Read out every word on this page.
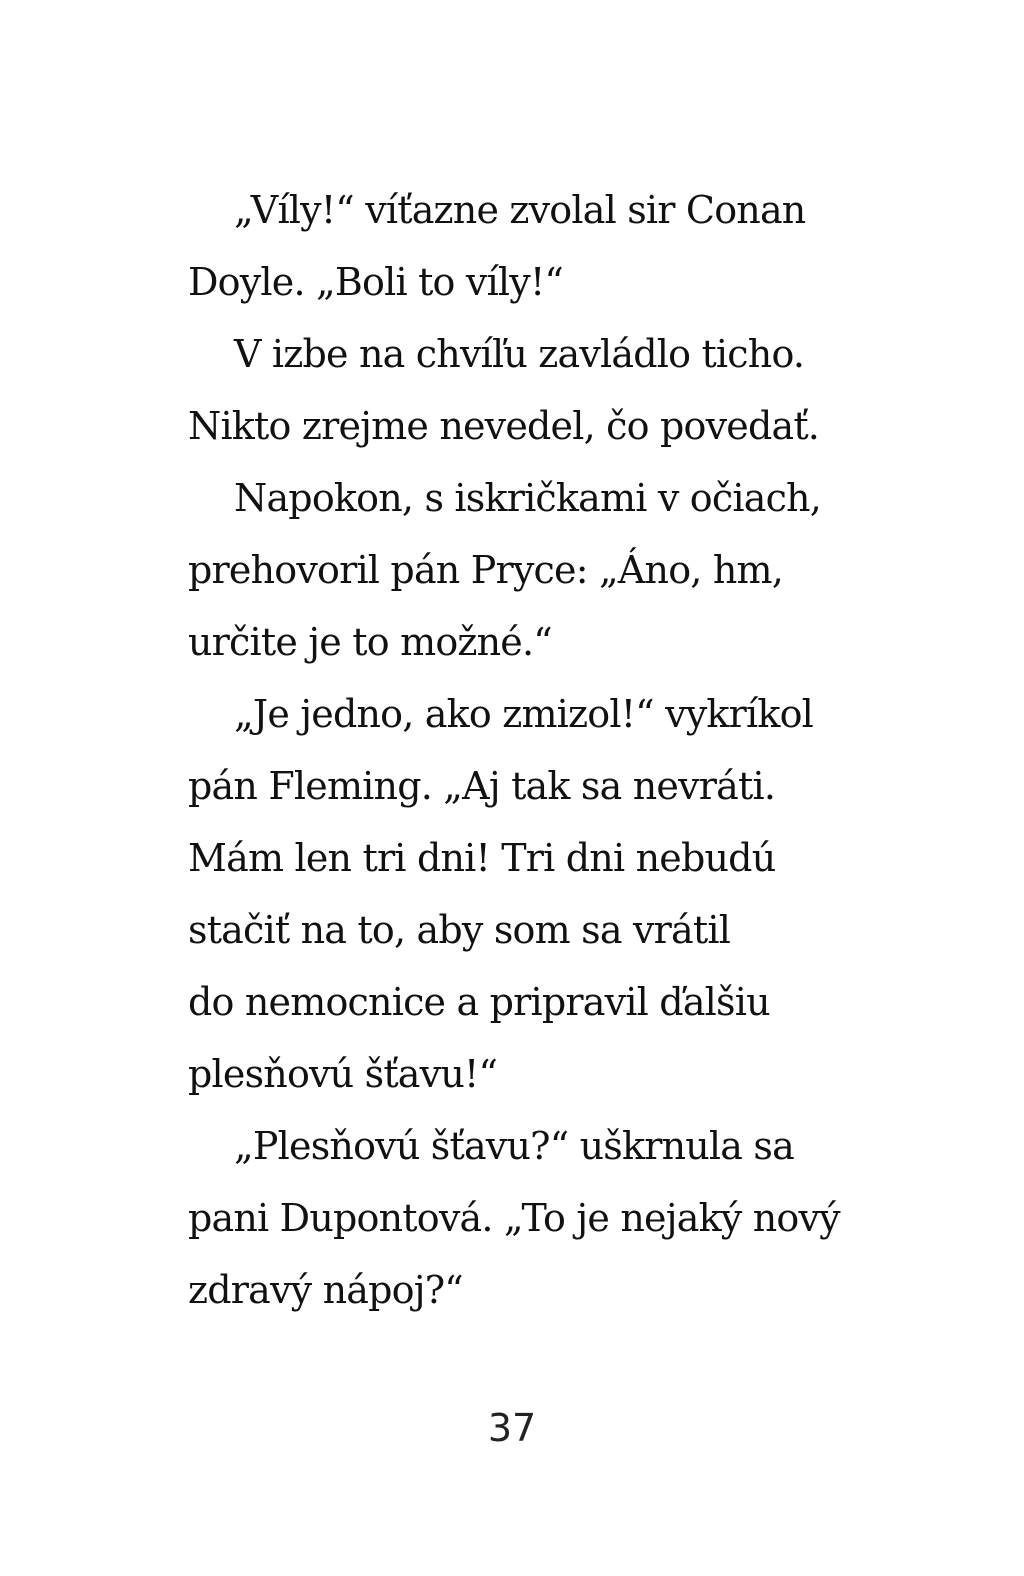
„Víly!“ víťazne zvolal sir Conan
Doyle. „Boli to víly!“
V izbe na chvíľu zavládlo ticho.
Nikto zrejme nevedel, čo povedať.
Napokon, s iskričkami v očiach,
prehovoril pán Pryce: „Áno, hm,
určite je to možné.“
„Je jedno, ako zmizol!“ vykríkol
pán Fleming. „Aj tak sa nevráti.
Mám len tri dni! Tri dni nebudú
stačiť na to, aby som sa vrátil
do nemocnice a pripravil ďalšiu
plesňovú šťavu!“
„Plesňovú šťavu?“ uškrnula sa
pani Dupontová. „To je nejaký nový
zdravý nápoj?“
37
